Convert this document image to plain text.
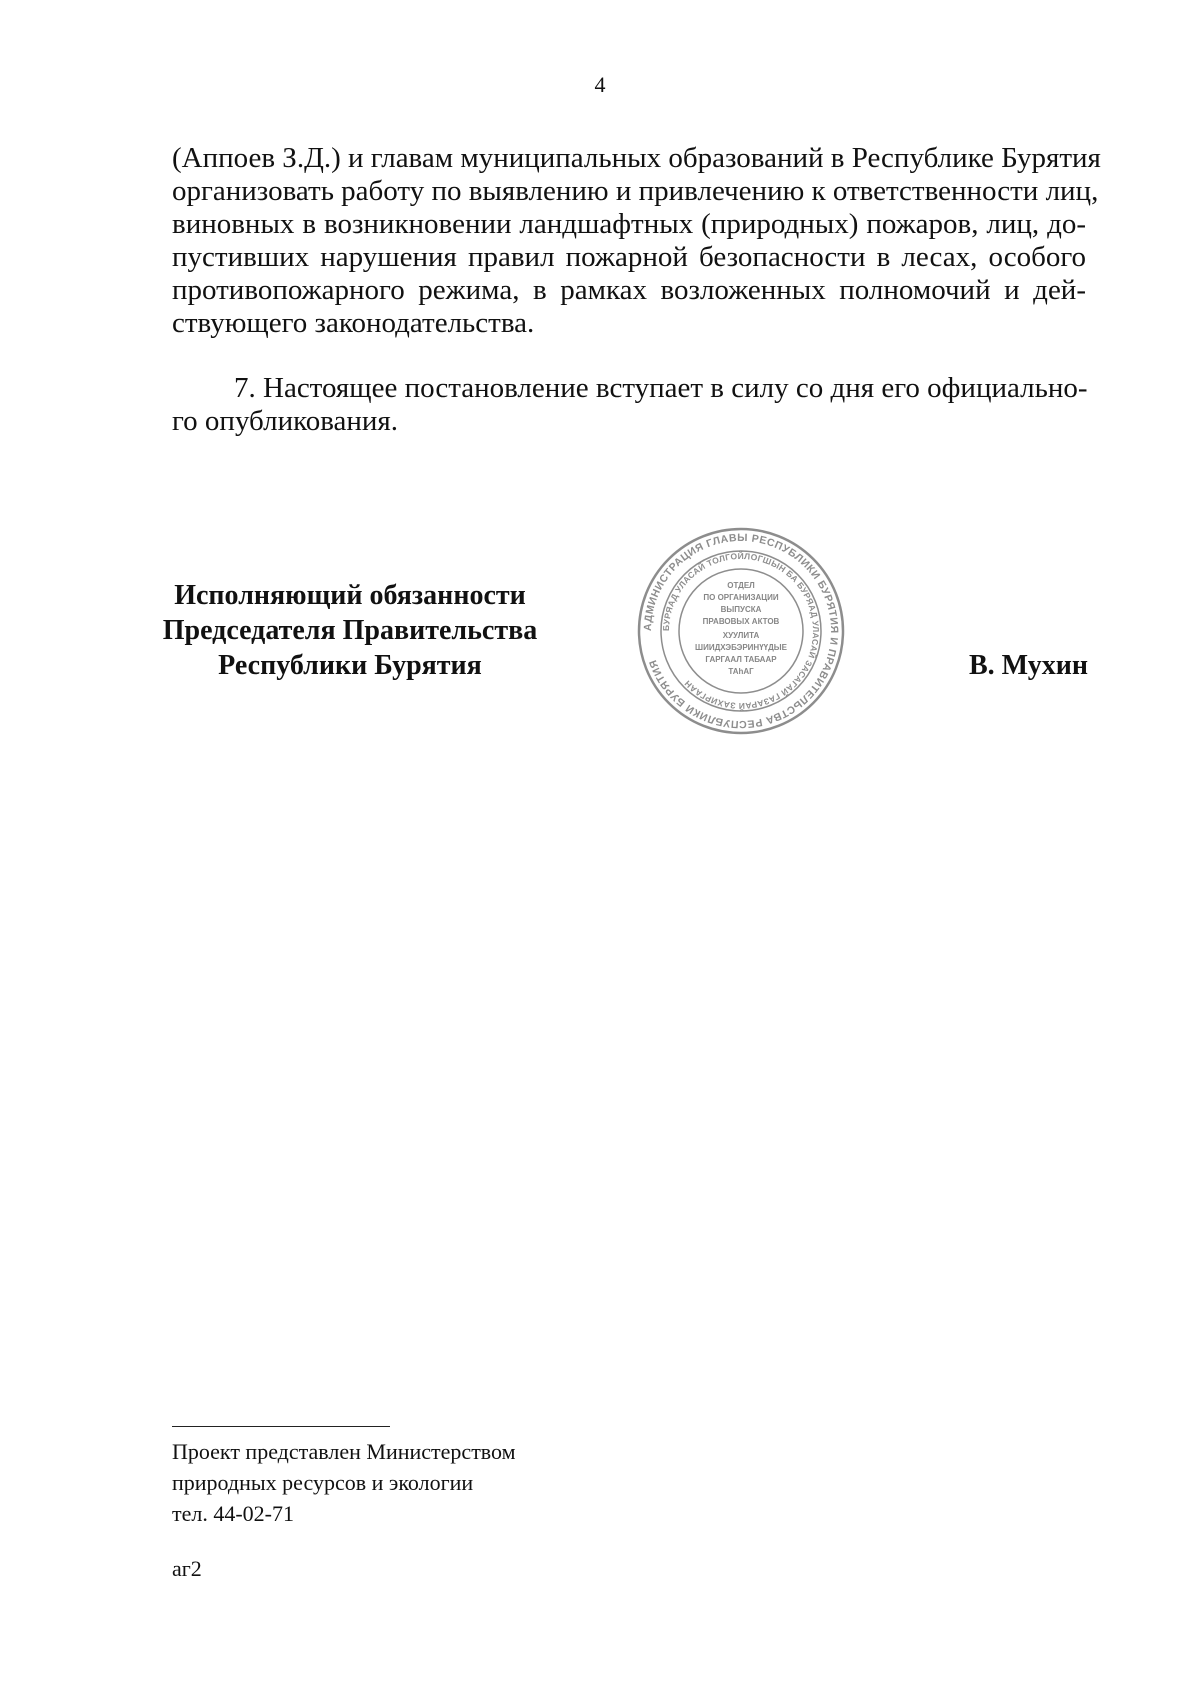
4
(Аппоев З.Д.) и главам муниципальных образований в Республике Бурятия
организовать работу по выявлению и привлечению к ответственности лиц,
виновных в возникновении ландшафтных (природных) пожаров, лиц, до-
пустивших нарушения правил пожарной безопасности в лесах, особого
противопожарного режима, в рамках возложенных полномочий и дей-
ствующего законодательства.
7. Настоящее постановление вступает в силу со дня его официально-
го опубликования.
Исполняющий обязанности
Председателя Правительства
Республики Бурятия
АДМИНИСТРАЦИЯ ГЛАВЫ РЕСПУБЛИКИ БУРЯТИЯ И ПРАВИТЕЛЬСТВА РЕСПУБЛИКИ БУРЯТИЯ
БУРЯАД УЛАСАЙ ТОЛГОЙЛОГШЫН БА БУРЯАД УЛАСАЙ ЗАСАГАЙ ГАЗАРАЙ ЗАХИРГААН
ОТДЕЛ
ПО ОРГАНИЗАЦИИ
ВЫПУСКА
ПРАВОВЫХ АКТОВ
ХУУЛИТА
ШИИДХЭБЭРИНҮҮДЫЕ
ГАРГААЛ ТАБААР
ТАһАГ	В. Мухин
Проект представлен Министерством
природных ресурсов и экологии
тел. 44-02-71
аг2
